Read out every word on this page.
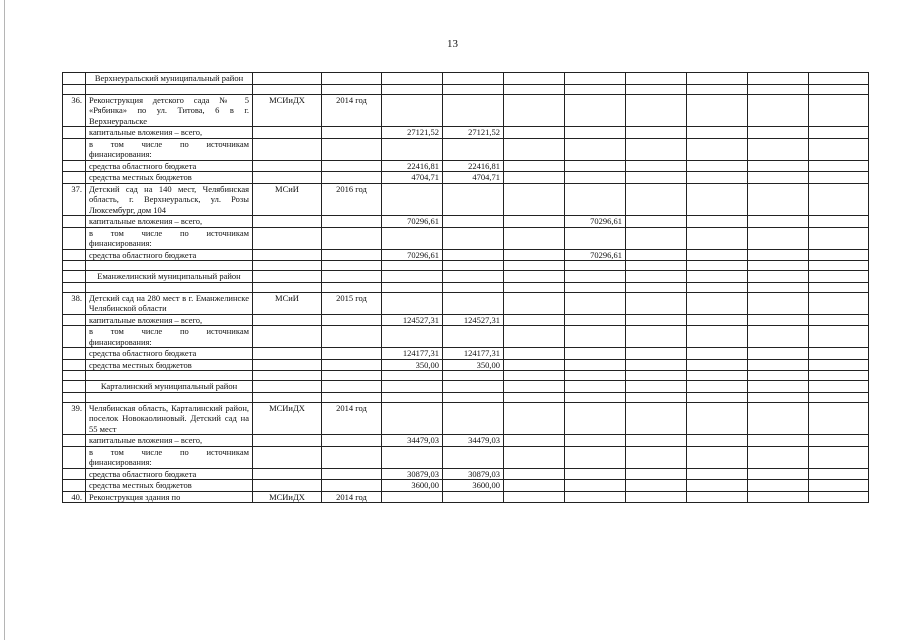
13
	Верхнеуральский муниципальный район										

36.	Реконструкция детского сада № 5 «Рябинка» по ул. Титова, 6 в г. Верхнеуральске	МСИиДХ	2014 год								
	капитальные вложения – всего,			27121,52	27121,52						
	в том числе по источникам финансирования:										
	средства областного бюджета			22416,81	22416,81						
	средства местных бюджетов			4704,71	4704,71						
37.	Детский сад на 140 мест, Челябинская область, г. Верхнеуральск, ул. Розы Люксембург, дом 104	МСиИ	2016 год								
	капитальные вложения – всего,			70296,61			70296,61				
	в том числе по источникам финансирования:										
	средства областного бюджета			70296,61			70296,61				

	Еманжелинский муниципальный район										

38.	Детский сад на 280 мест в г. Еманжелинске Челябинской области	МСиИ	2015 год								
	капитальные вложения – всего,			124527,31	124527,31						
	в том числе по источникам финансирования:										
	средства областного бюджета			124177,31	124177,31						
	средства местных бюджетов			350,00	350,00						

	Карталинский муниципальный район										

39.	Челябинская область, Карталинский район, поселок Новокаолиновый. Детский сад на 55 мест	МСИиДХ	2014 год								
	капитальные вложения – всего,			34479,03	34479,03						
	в том числе по источникам финансирования:										
	средства областного бюджета			30879,03	30879,03						
	средства местных бюджетов			3600,00	3600,00						
40.	Реконструкция здания по	МСИиДХ	2014 год								
